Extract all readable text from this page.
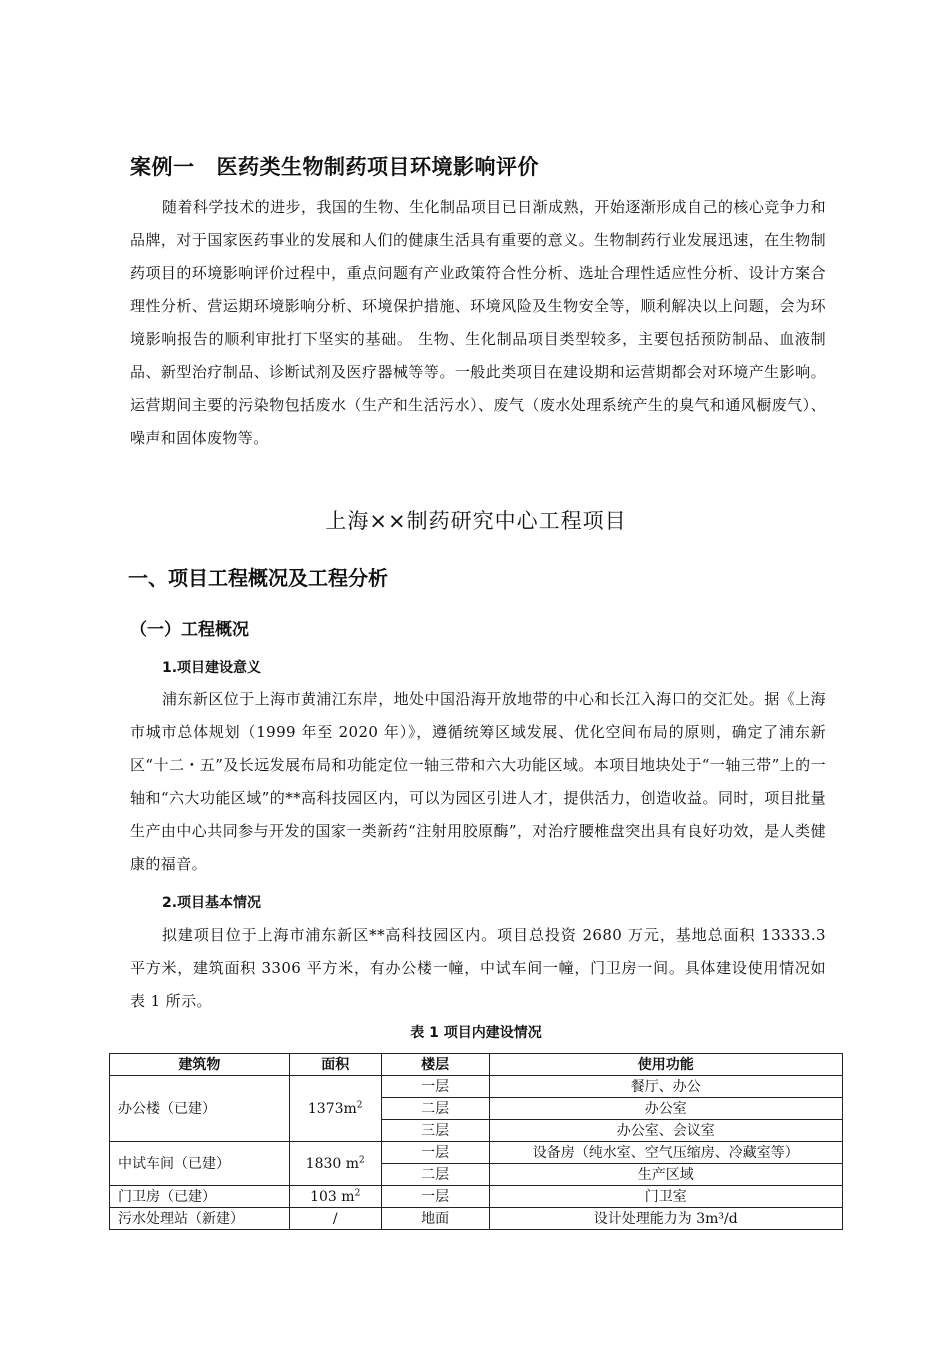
案例一 医药类生物制药项目环境影响评价

随着科学技术的进步，我国的生物、生化制品项目已日渐成熟，开始逐渐形成自己的核心竞争力和品牌，对于国家医药事业的发展和人们的健康生活具有重要的意义。生物制药行业发展迅速，在生物制药项目的环境影响评价过程中，重点问题有产业政策符合性分析、选址合理性适应性分析、设计方案合理性分析、营运期环境影响分析、环境保护措施、环境风险及生物安全等，顺利解决以上问题，会为环境影响报告的顺利审批打下坚实的基础。 生物、生化制品项目类型较多，主要包括预防制品、血液制品、新型治疗制品、诊断试剂及医疗器械等等。一般此类项目在建设期和运营期都会对环境产生影响。运营期间主要的污染物包括废水（生产和生活污水）、废气（废水处理系统产生的臭气和通风橱废气）、噪声和固体废物等。

上海××制药研究中心工程项目
一、项目工程概况及工程分析
（一）工程概况
1.项目建设意义

浦东新区位于上海市黄浦江东岸，地处中国沿海开放地带的中心和长江入海口的交汇处。据《上海市城市总体规划（1999 年至 2020 年）》，遵循统筹区域发展、优化空间布局的原则，确定了浦东新区“十二・五”及长远发展布局和功能定位一轴三带和六大功能区域。本项目地块处于“一轴三带”上的一轴和“六大功能区域”的**高科技园区内，可以为园区引进人才，提供活力，创造收益。同时，项目批量生产由中心共同参与开发的国家一类新药“注射用胶原酶”，对治疗腰椎盘突出具有良好功效，是人类健康的福音。

2.项目基本情况

拟建项目位于上海市浦东新区**高科技园区内。项目总投资 2680 万元，基地总面积 13333.3 平方米，建筑面积 3306 平方米，有办公楼一幢，中试车间一幢，门卫房一间。具体建设使用情况如表 1 所示。

表 1 项目内建设情况

建筑物	面积	楼层	使用功能
办公楼（已建）	$1373m^2$	一层	餐厅、办公
		二层	办公室
		三层	办公室、会议室
中试车间（已建）	1830 $m^2$	一层	设备房（纯水室、空气压缩房、冷藏室等）
		二层	生产区域
门卫房（已建）	103 $m^2$	一层	门卫室
污水处理站（新建）	/	地面	设计处理能力为 3m³/d
